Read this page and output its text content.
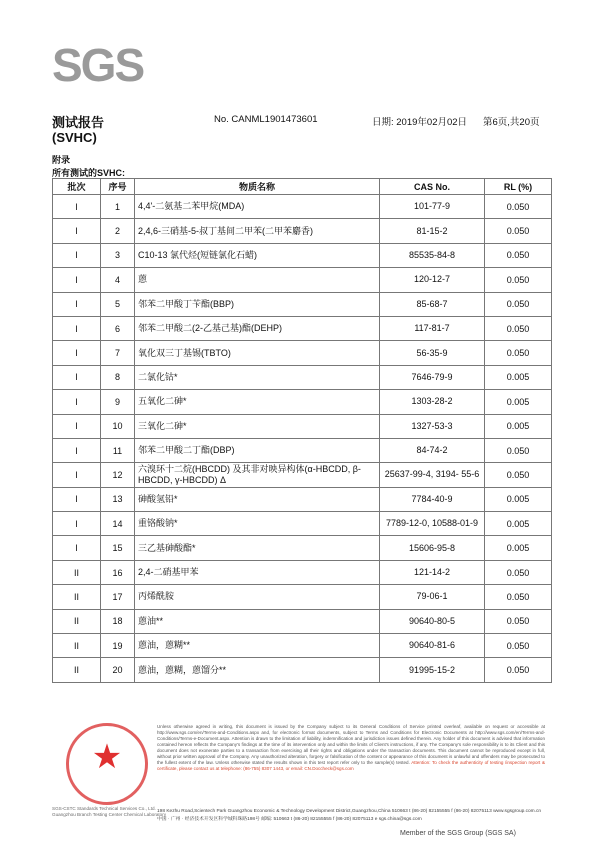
SGS
测试报告
(SVHC)
No. CANML1901473601	日期: 2019年02月02日 第6页,共20页
附录
所有测试的SVHC:
批次	序号	物质名称	CAS No.	RL (%)
I	1	4,4'-二氨基二苯甲烷(MDA)	101-77-9	0.050
I	2	2,4,6-三硝基-5-叔丁基间二甲苯(二甲苯麝香)	81-15-2	0.050
I	3	C10-13 氯代烃(短链氯化石蜡)	85535-84-8	0.050
I	4	蒽	120-12-7	0.050
I	5	邻苯二甲酸丁苄酯(BBP)	85-68-7	0.050
I	6	邻苯二甲酸二(2-乙基己基)酯(DEHP)	117-81-7	0.050
I	7	氧化双三丁基锡(TBTO)	56-35-9	0.050
I	8	二氯化钴*	7646-79-9	0.005
I	9	五氧化二砷*	1303-28-2	0.005
I	10	三氧化二砷*	1327-53-3	0.005
I	11	邻苯二甲酸二丁酯(DBP)	84-74-2	0.050
I	12	六溴环十二烷(HBCDD) 及其非对映异构体(α-HBCDD, β-HBCDD, γ-HBCDD) Δ	25637-99-4, 3194- 55-6	0.050
I	13	砷酸氢铅*	7784-40-9	0.005
I	14	重铬酸钠*	7789-12-0, 10588-01-9	0.005
I	15	三乙基砷酸酯*	15606-95-8	0.005
II	16	2,4-二硝基甲苯	121-14-2	0.050
II	17	丙烯酰胺	79-06-1	0.050
II	18	蒽油**	90640-80-5	0.050
II	19	蒽油，蒽糊**	90640-81-6	0.050
II	20	蒽油，蒽糊，蒽馏分**	91995-15-2	0.050
★
SGS-CSTC Standards Technical Services Co., Ltd. Guangzhou Branch Testing Center Chemical Laboratory
Unless otherwise agreed in writing, this document is issued by the Company subject to its General Conditions of Service printed overleaf, available on request or accessible at http://www.sgs.com/en/Terms-and-Conditions.aspx and, for electronic format documents, subject to Terms and Conditions for Electronic Documents at http://www.sgs.com/en/Terms-and-Conditions/Terms-e-Document.aspx. Attention is drawn to the limitation of liability, indemnification and jurisdiction issues defined therein. Any holder of this document is advised that information contained hereon reflects the Company's findings at the time of its intervention only and within the limits of Client's instructions, if any. The Company's sole responsibility is to its Client and this document does not exonerate parties to a transaction from exercising all their rights and obligations under the transaction documents. This document cannot be reproduced except in full, without prior written approval of the Company. Any unauthorized alteration, forgery or falsification of the content or appearance of this document is unlawful and offenders may be prosecuted to the fullest extent of the law. Unless otherwise stated the results shown in this test report refer only to the sample(s) tested. Attention: To check the authenticity of testing /inspection report & certificate, please contact us at telephone: (86-755) 8307 1443, or email: CN.Doccheck@sgs.com
198 Kezhu Road,Scientech Park Guangzhou Economic & Technology Development District,Guangzhou,China 510663 t (86-20) 82155555 f (86-20) 82075113 www.sgsgroup.com.cn
中国 · 广州 · 经济技术开发区科学城科珠路198号 邮编: 510663 t (86-20) 82155555 f (86-20) 82075113 e sgs.china@sgs.com
Member of the SGS Group (SGS SA)
